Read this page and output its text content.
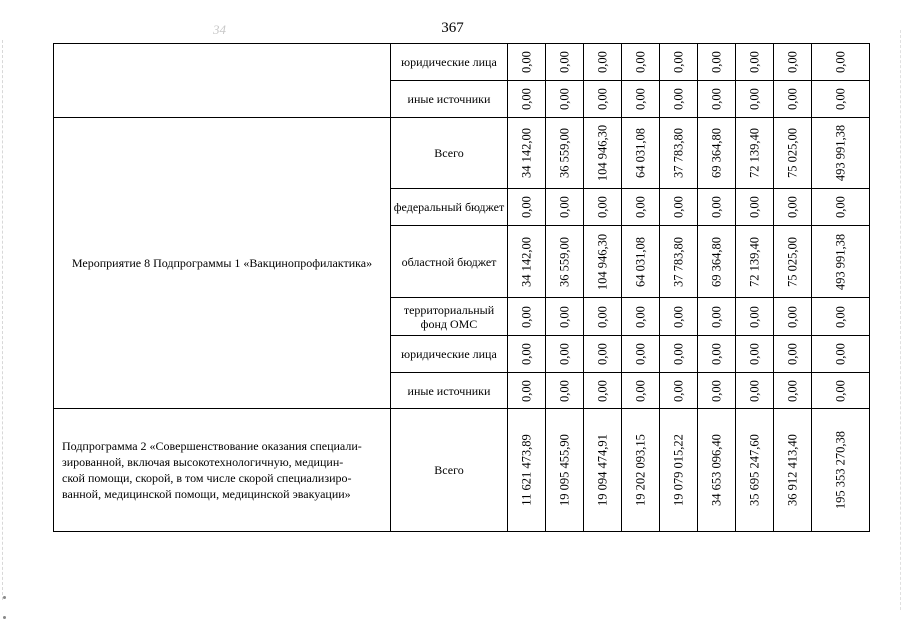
367
34
	юридические лица	0,00	0,00	0,00	0,00	0,00	0,00	0,00	0,00	0,00

	иные источники	0,00	0,00	0,00	0,00	0,00	0,00	0,00	0,00	0,00

Мероприятие 8 Подпрограммы 1 «Вакцинопрофилактика»	Всего	34 142,00	36 559,00	104 946,30	64 031,08	37 783,80	69 364,80	72 139,40	75 025,00	493 991,38

	федеральный бюджет	0,00	0,00	0,00	0,00	0,00	0,00	0,00	0,00	0,00

	областной бюджет	34 142,00	36 559,00	104 946,30	64 031,08	37 783,80	69 364,80	72 139,40	75 025,00	493 991,38

	территориальный фонд ОМС	0,00	0,00	0,00	0,00	0,00	0,00	0,00	0,00	0,00

	юридические лица	0,00	0,00	0,00	0,00	0,00	0,00	0,00	0,00	0,00

	иные источники	0,00	0,00	0,00	0,00	0,00	0,00	0,00	0,00	0,00

Подпрограмма 2 «Совершенствование оказания специали-
зированной, включая высокотехнологичную, медицин-
ской помощи, скорой, в том числе скорой специализиро-
ванной, медицинской помощи, медицинской эвакуации»	Всего	11 621 473,89	19 095 455,90	19 094 474,91	19 202 093,15	19 079 015,22	34 653 096,40	35 695 247,60	36 912 413,40	195 353 270,38
